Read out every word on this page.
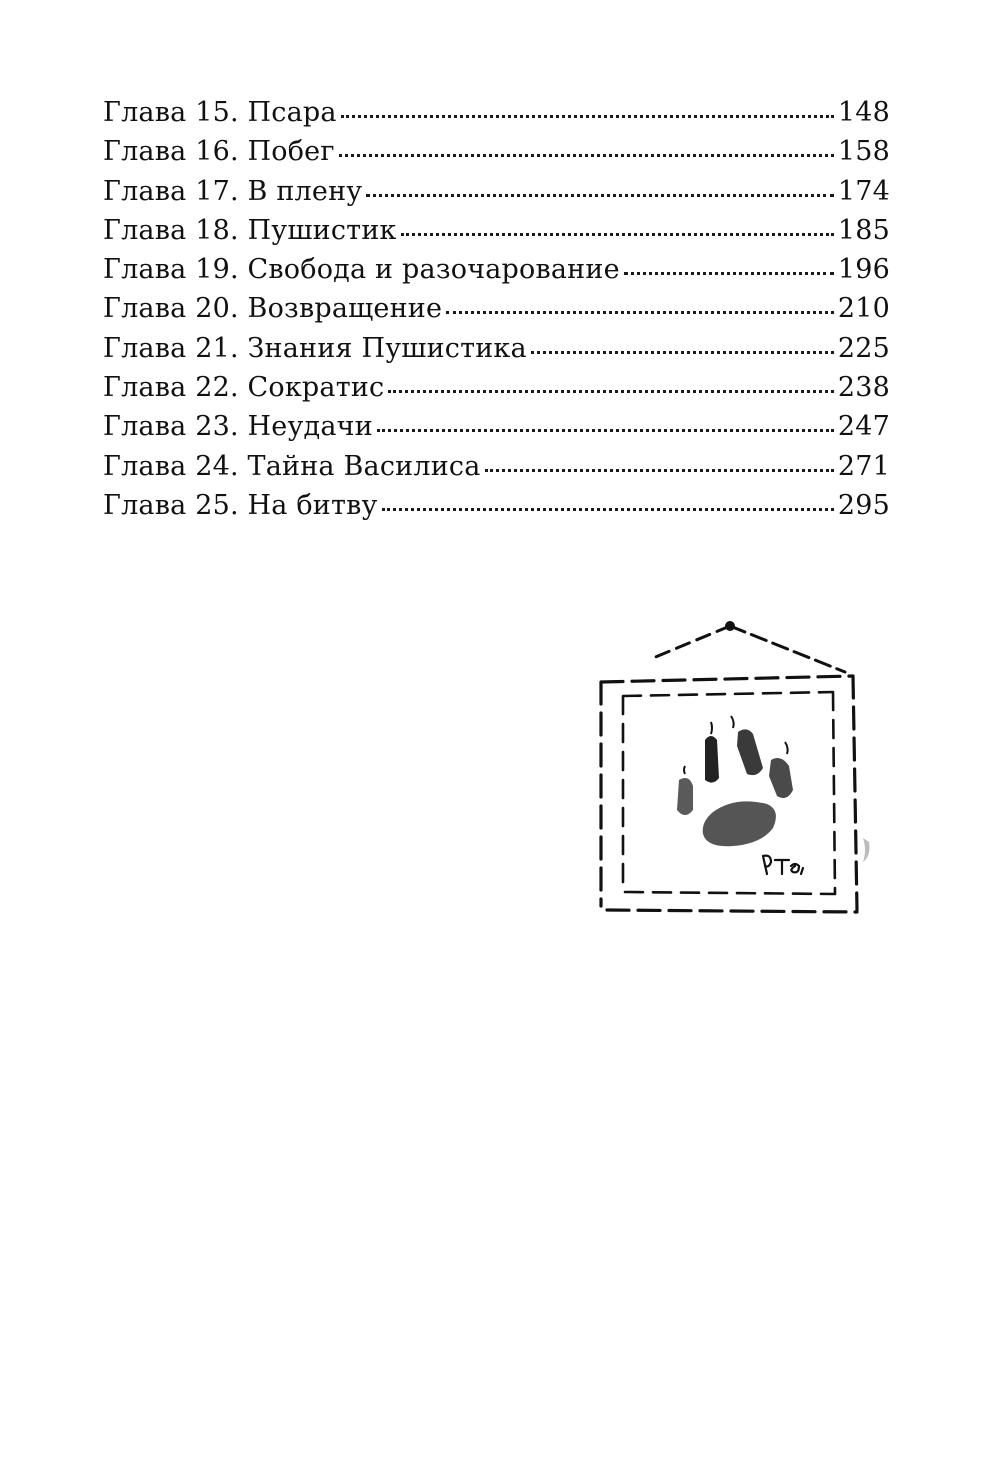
Глава 15. Псара	148
Глава 16. Побег	158
Глава 17. В плену	174
Глава 18. Пушистик	185
Глава 19. Свобода и разочарование	196
Глава 20. Возвращение	210
Глава 21. Знания Пушистика	225
Глава 22. Сократис	238
Глава 23. Неудачи	247
Глава 24. Тайна Василиса	271
Глава 25. На битву	295
